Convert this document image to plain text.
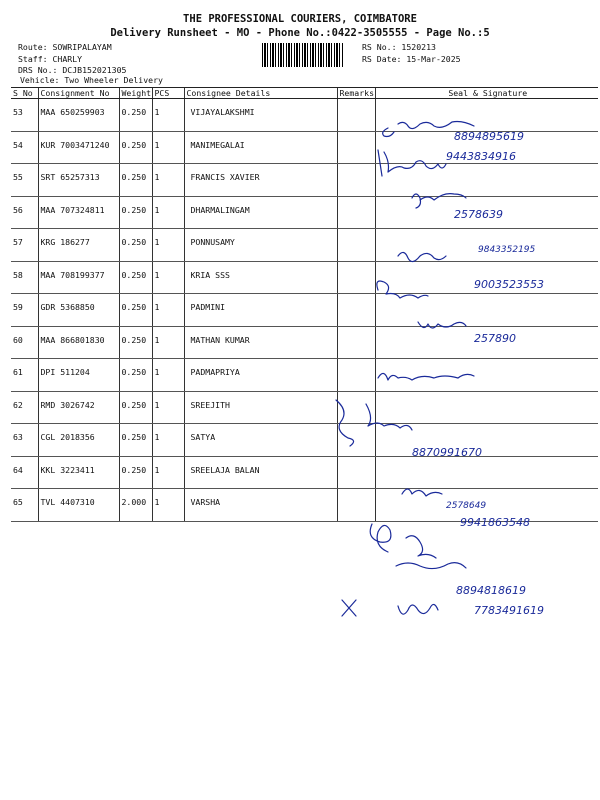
THE PROFESSIONAL COURIERS, COIMBATORE
Delivery Runsheet - MO - Phone No.:0422-3505555 - Page No.:5
Route: SOWRIPALAYAM
Staff: CHARLY
DRS No.: DCJB152021305
Vehicle: Two Wheeler Delivery
RS No.: 1520213
RS Date: 15-Mar-2025
S No	Consignment No	Weight	PCS	Consignee Details	Remarks	Seal & Signature
53	MAA 650259903	0.250	1	VIJAYALAKSHMI		
54	KUR 7003471240	0.250	1	MANIMEGALAI		
55	SRT 65257313	0.250	1	FRANCIS XAVIER		
56	MAA 707324811	0.250	1	DHARMALINGAM		
57	KRG 186277	0.250	1	PONNUSAMY		
58	MAA 708199377	0.250	1	KRIA SSS		
59	GDR 5368850	0.250	1	PADMINI		
60	MAA 866801830	0.250	1	MATHAN KUMAR		
61	DPI 511204	0.250	1	PADMAPRIYA		
62	RMD 3026742	0.250	1	SREEJITH		
63	CGL 2018356	0.250	1	SATYA		
64	KKL 3223411	0.250	1	SREELAJA BALAN		
65	TVL 4407310	2.000	1	VARSHA		
8894895619
9443834916
2578639
9843352195
9003523553
257890
8870991670
2578649
9941863548
8894818619
7783491619
